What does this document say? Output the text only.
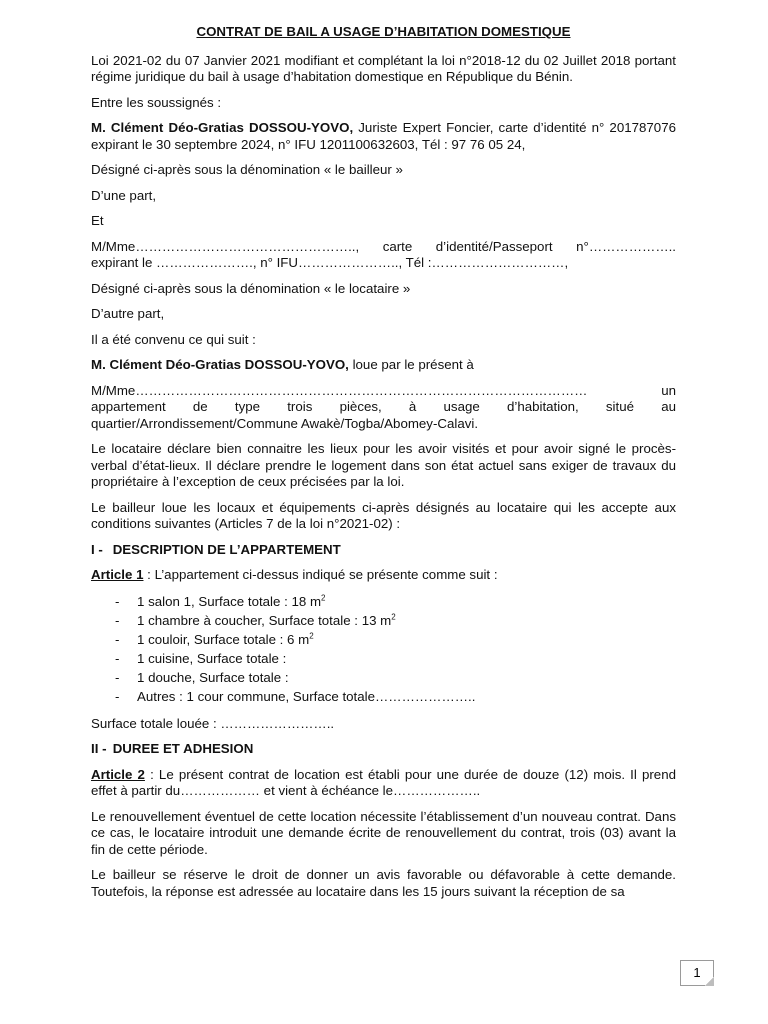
CONTRAT DE BAIL A USAGE D’HABITATION DOMESTIQUE

Loi 2021-02 du 07 Janvier 2021 modifiant et complétant la loi n°2018-12 du 02 Juillet 2018 portant régime juridique du bail à usage d’habitation domestique en République du Bénin.

Entre les soussignés :

M. Clément Déo-Gratias DOSSOU-YOVO, Juriste Expert Foncier, carte d’identité n° 201787076 expirant le 30 septembre 2024, n° IFU 1201100632603, Tél : 97 76 05 24,

Désigné ci-après sous la dénomination « le bailleur »

D’une part,

Et

M/Mme………………………………………….., carte d’identité/Passeport n°………………..
expirant le …………………., n° IFU………………….., Tél :…………………………,

Désigné ci-après sous la dénomination « le locataire »

D’autre part,

Il a été convenu ce qui suit :

M. Clément Déo-Gratias DOSSOU-YOVO, loue par le présent à

M/Mme………………………………………………………………………………………… un
appartement de type trois pièces, à usage d’habitation, situé au
quartier/Arrondissement/Commune Awakè/Togba/Abomey-Calavi.

Le locataire déclare bien connaitre les lieux pour les avoir visités et pour avoir signé le procès-verbal d’état-lieux. Il déclare prendre le logement dans son état actuel sans exiger de travaux du propriétaire à l’exception de ceux précisées par la loi.

Le bailleur loue les locaux et équipements ci-après désignés au locataire qui les accepte aux conditions suivantes (Articles 7 de la loi n°2021-02) :

I - DESCRIPTION DE L’APPARTEMENT

Article 1 : L’appartement ci-dessus indiqué se présente comme suit :

- 1 salon 1, Surface totale : 18 $m^2$
- 1 chambre à coucher, Surface totale : 13 $m^2$
- 1 couloir, Surface totale : 6 $m^2$
- 1 cuisine, Surface totale :
- 1 douche, Surface totale :
- Autres : 1 cour commune, Surface totale…………………..

Surface totale louée : ……………………..

II - DUREE ET ADHESION

Article 2 : Le présent contrat de location est établi pour une durée de douze (12) mois. Il prend effet à partir du……………… et vient à échéance le………………..

Le renouvellement éventuel de cette location nécessite l’établissement d’un nouveau contrat. Dans ce cas, le locataire introduit une demande écrite de renouvellement du contrat, trois (03) avant la fin de cette période.

Le bailleur se réserve le droit de donner un avis favorable ou défavorable à cette demande. Toutefois, la réponse est adressée au locataire dans les 15 jours suivant la réception de sa

1
